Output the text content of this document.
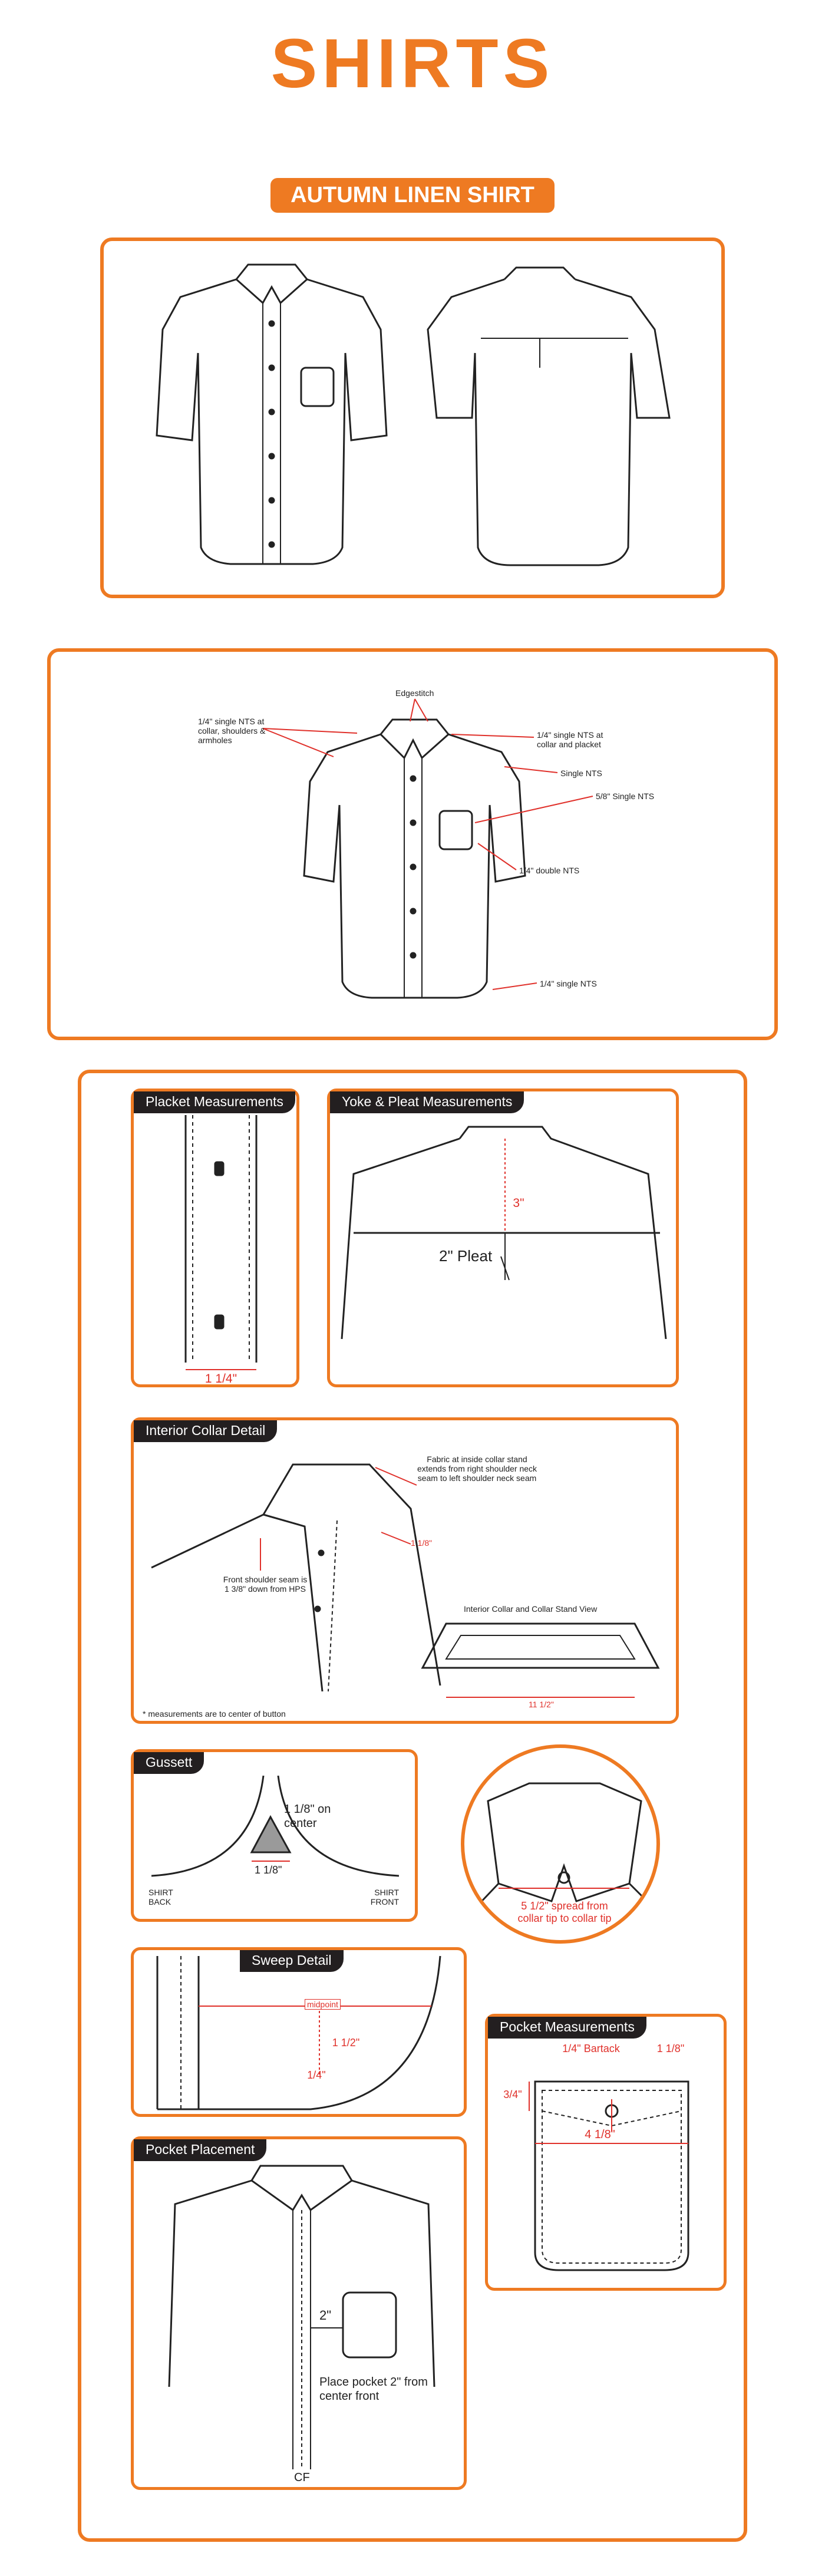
SHIRTS
AUTUMN LINEN SHIRT
Edgestitch
1/4" single NTS at collar, shoulders & armholes
1/4" single NTS at collar and placket
Single NTS
5/8" Single NTS
1/4" double NTS
1/4" single NTS
Placket Measurements
1 1/4"
Yoke & Pleat Measurements
3"
2" Pleat
Interior Collar Detail
Fabric at inside collar stand extends from right shoulder neck seam to left shoulder neck seam
Front shoulder seam is 1 3/8" down from HPS
Interior Collar and Collar Stand View
1 1/8"
11 1/2"
* measurements are to center of button
Gussett
1 1/8" on center
1 1/8"
SHIRT BACK
SHIRT FRONT	5 1/2" spread from collar tip to collar tip
Sweep Detail
midpoint
1 1/2"
1/4"
Pocket Measurements
1/4" Bartack	1 1/8"
3/4"
4 1/8"
Pocket Placement
2"
Place pocket 2" from center front
CF
